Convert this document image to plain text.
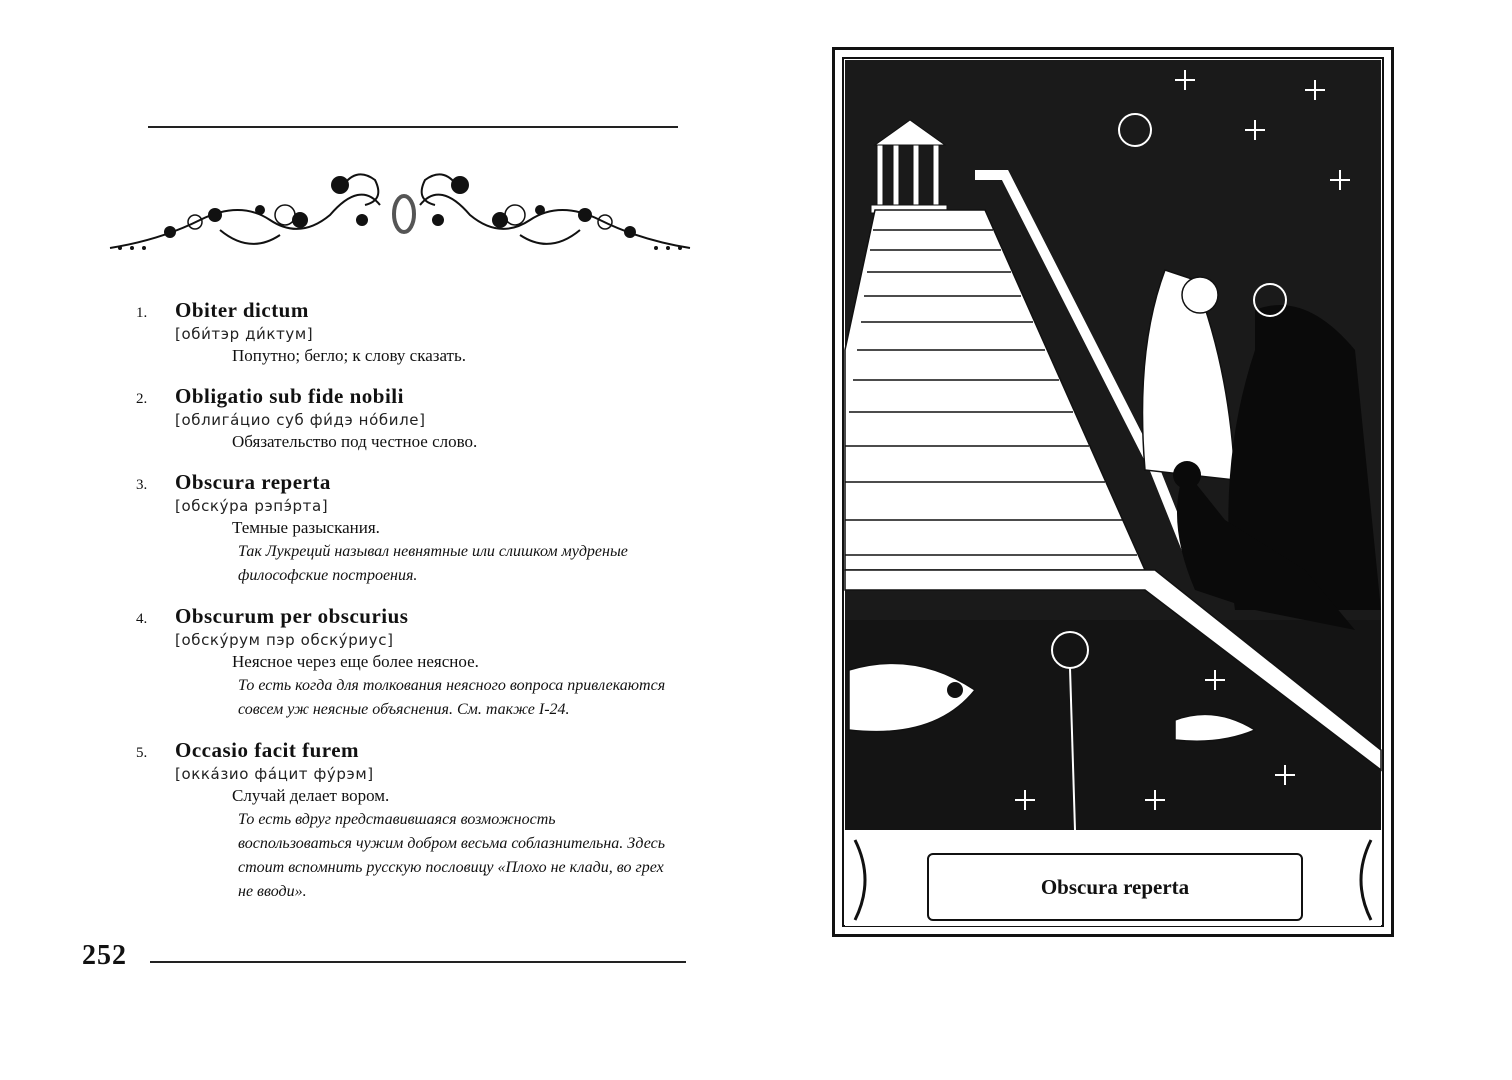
O
1.	Obiter dictum
[оби́тэр ди́ктум]
Попутно; бегло; к слову сказать.
2.	Obligatio sub fide nobili
[облига́цио суб фи́дэ но́биле]
Обязательство под честное слово.
3.	Obscura reperta
[обску́ра рэпэ́рта]
Темные разыскания.
Так Лукреций называл невнятные или слишком мудреные философские построения.
4.	Obscurum per obscurius
[обску́рум пэр обску́риус]
Неясное через еще более неясное.
То есть когда для толкования неясного вопроса привлекаются совсем уж неясные объяснения. См. также I-24.
5.	Occasio facit furem
[окка́зио фа́цит фу́рэм]
Случай делает вором.
То есть вдруг представившаяся возможность воспользоваться чужим добром весьма соблазнительна. Здесь стоит вспомнить русскую пословицу «Плохо не клади, во грех не вводи».
252
Obscura reperta
